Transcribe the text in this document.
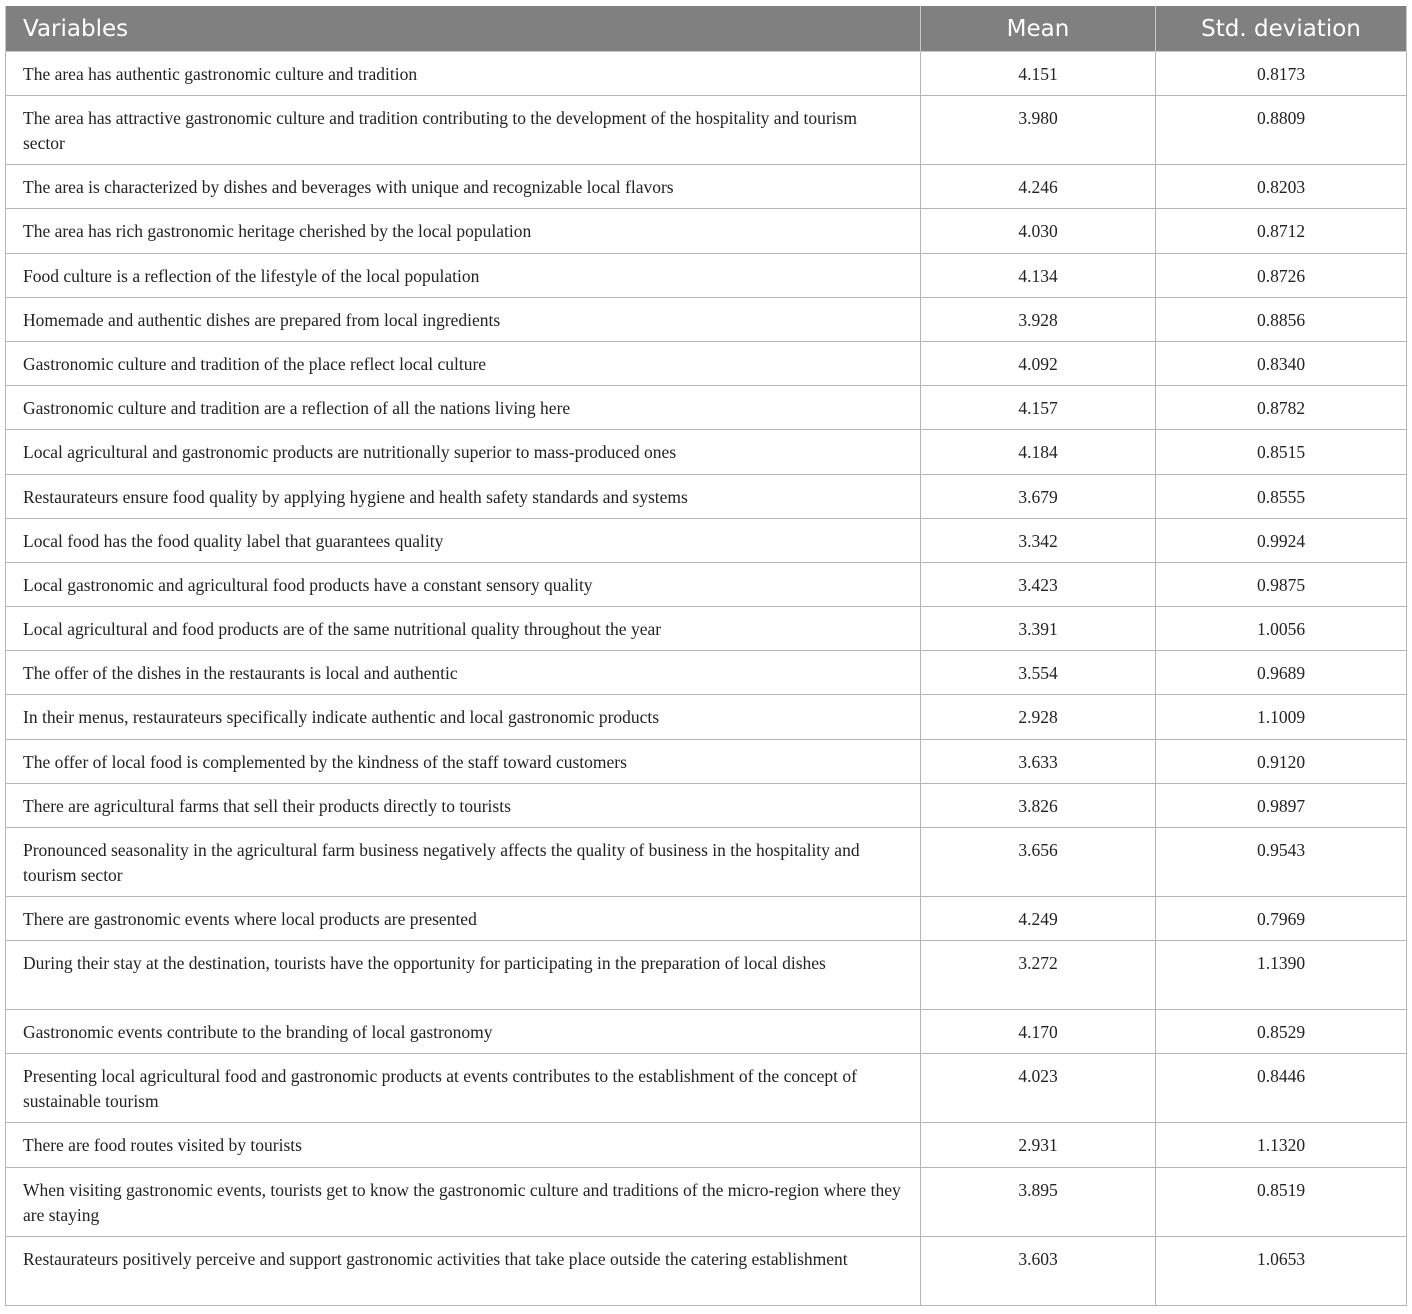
Variables	Mean	Std. deviation
The area has authentic gastronomic culture and tradition	4.151	0.8173
The area has attractive gastronomic culture and tradition contributing to the development of the hospitality and tourism sector	3.980	0.8809
The area is characterized by dishes and beverages with unique and recognizable local flavors	4.246	0.8203
The area has rich gastronomic heritage cherished by the local population	4.030	0.8712
Food culture is a reflection of the lifestyle of the local population	4.134	0.8726
Homemade and authentic dishes are prepared from local ingredients	3.928	0.8856
Gastronomic culture and tradition of the place reflect local culture	4.092	0.8340
Gastronomic culture and tradition are a reflection of all the nations living here	4.157	0.8782
Local agricultural and gastronomic products are nutritionally superior to mass-produced ones	4.184	0.8515
Restaurateurs ensure food quality by applying hygiene and health safety standards and systems	3.679	0.8555
Local food has the food quality label that guarantees quality	3.342	0.9924
Local gastronomic and agricultural food products have a constant sensory quality	3.423	0.9875
Local agricultural and food products are of the same nutritional quality throughout the year	3.391	1.0056
The offer of the dishes in the restaurants is local and authentic	3.554	0.9689
In their menus, restaurateurs specifically indicate authentic and local gastronomic products	2.928	1.1009
The offer of local food is complemented by the kindness of the staff toward customers	3.633	0.9120
There are agricultural farms that sell their products directly to tourists	3.826	0.9897
Pronounced seasonality in the agricultural farm business negatively affects the quality of business in the hospitality and tourism sector	3.656	0.9543
There are gastronomic events where local products are presented	4.249	0.7969
During their stay at the destination, tourists have the opportunity for participating in the preparation of local dishes	3.272	1.1390
Gastronomic events contribute to the branding of local gastronomy	4.170	0.8529
Presenting local agricultural food and gastronomic products at events contributes to the establishment of the concept of sustainable tourism	4.023	0.8446
There are food routes visited by tourists	2.931	1.1320
When visiting gastronomic events, tourists get to know the gastronomic culture and traditions of the micro-region where they are staying	3.895	0.8519
Restaurateurs positively perceive and support gastronomic activities that take place outside the catering establishment	3.603	1.0653
